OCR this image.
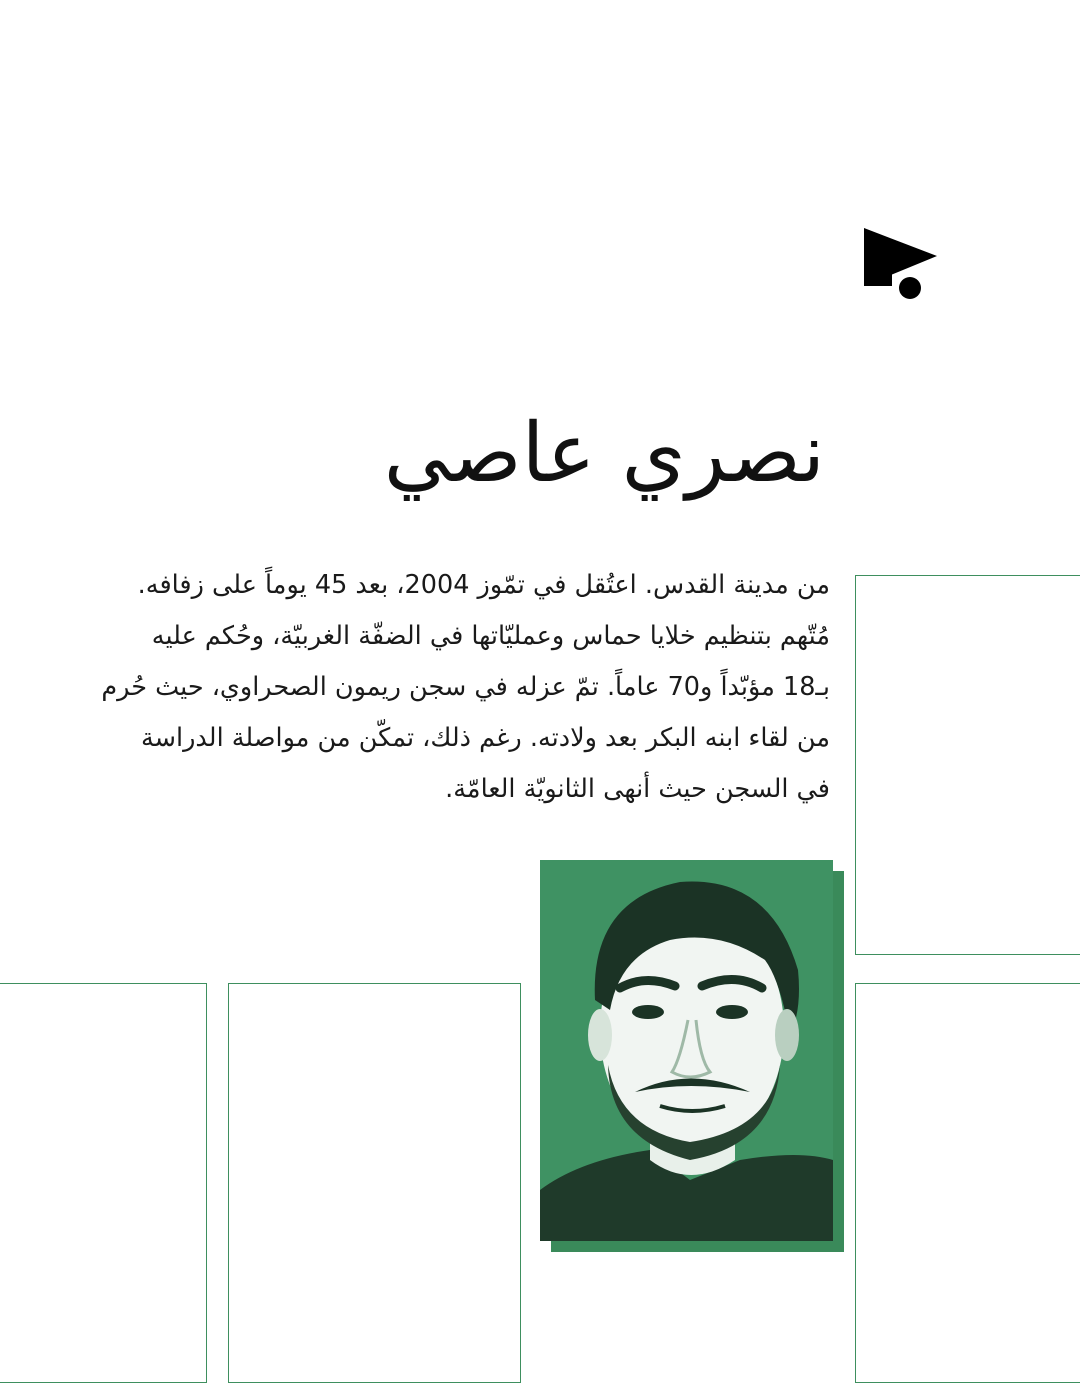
نصري عاصي
من مدينة القدس. اعتُقل في تمّوز 2004، بعد 45 يوماً على زفافه.
مُتّهم بتنظيم خلايا حماس وعمليّاتها في الضفّة الغربيّة، وحُكم عليه
بـ18 مؤبّداً و70 عاماً. تمّ عزله في سجن ريمون الصحراوي، حيث حُرم
من لقاء ابنه البكر بعد ولادته. رغم ذلك، تمكّن من مواصلة الدراسة
في السجن حيث أنهى الثانويّة العامّة.
